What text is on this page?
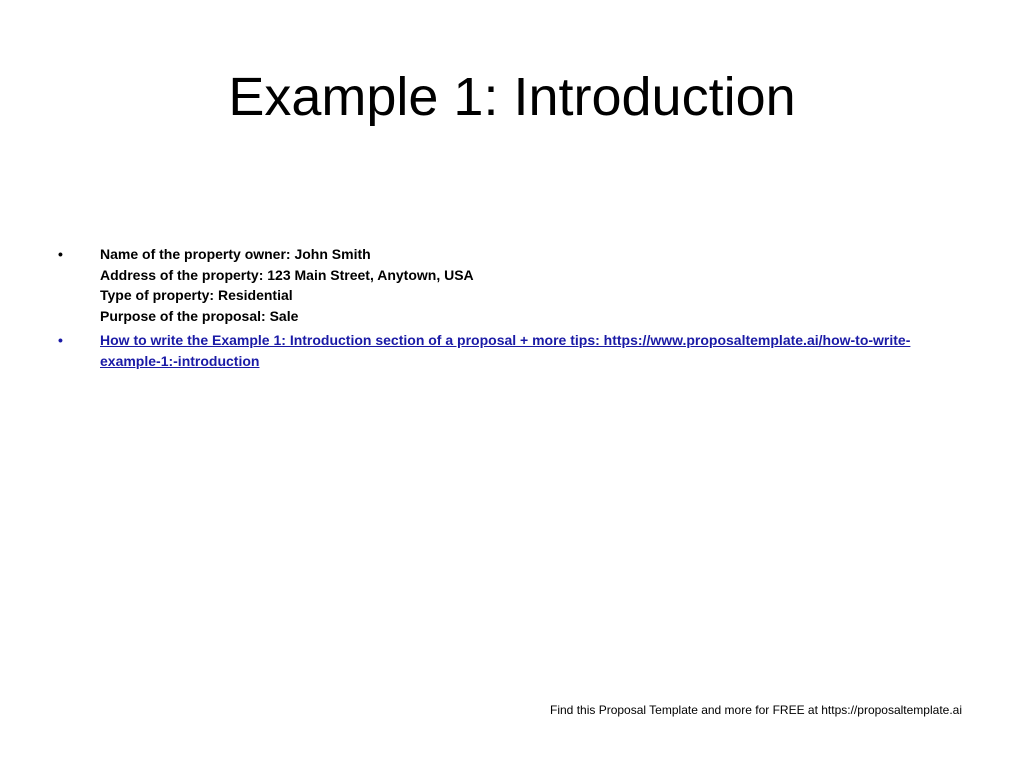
Example 1: Introduction
•	Name of the property owner: John Smith
Address of the property: 123 Main Street, Anytown, USA
Type of property: Residential
Purpose of the proposal: Sale
•	How to write the Example 1: Introduction section of a proposal + more tips: https://www.proposaltemplate.ai/how-to-write-example-1:-introduction
Find this Proposal Template and more for FREE at https://proposaltemplate.ai
